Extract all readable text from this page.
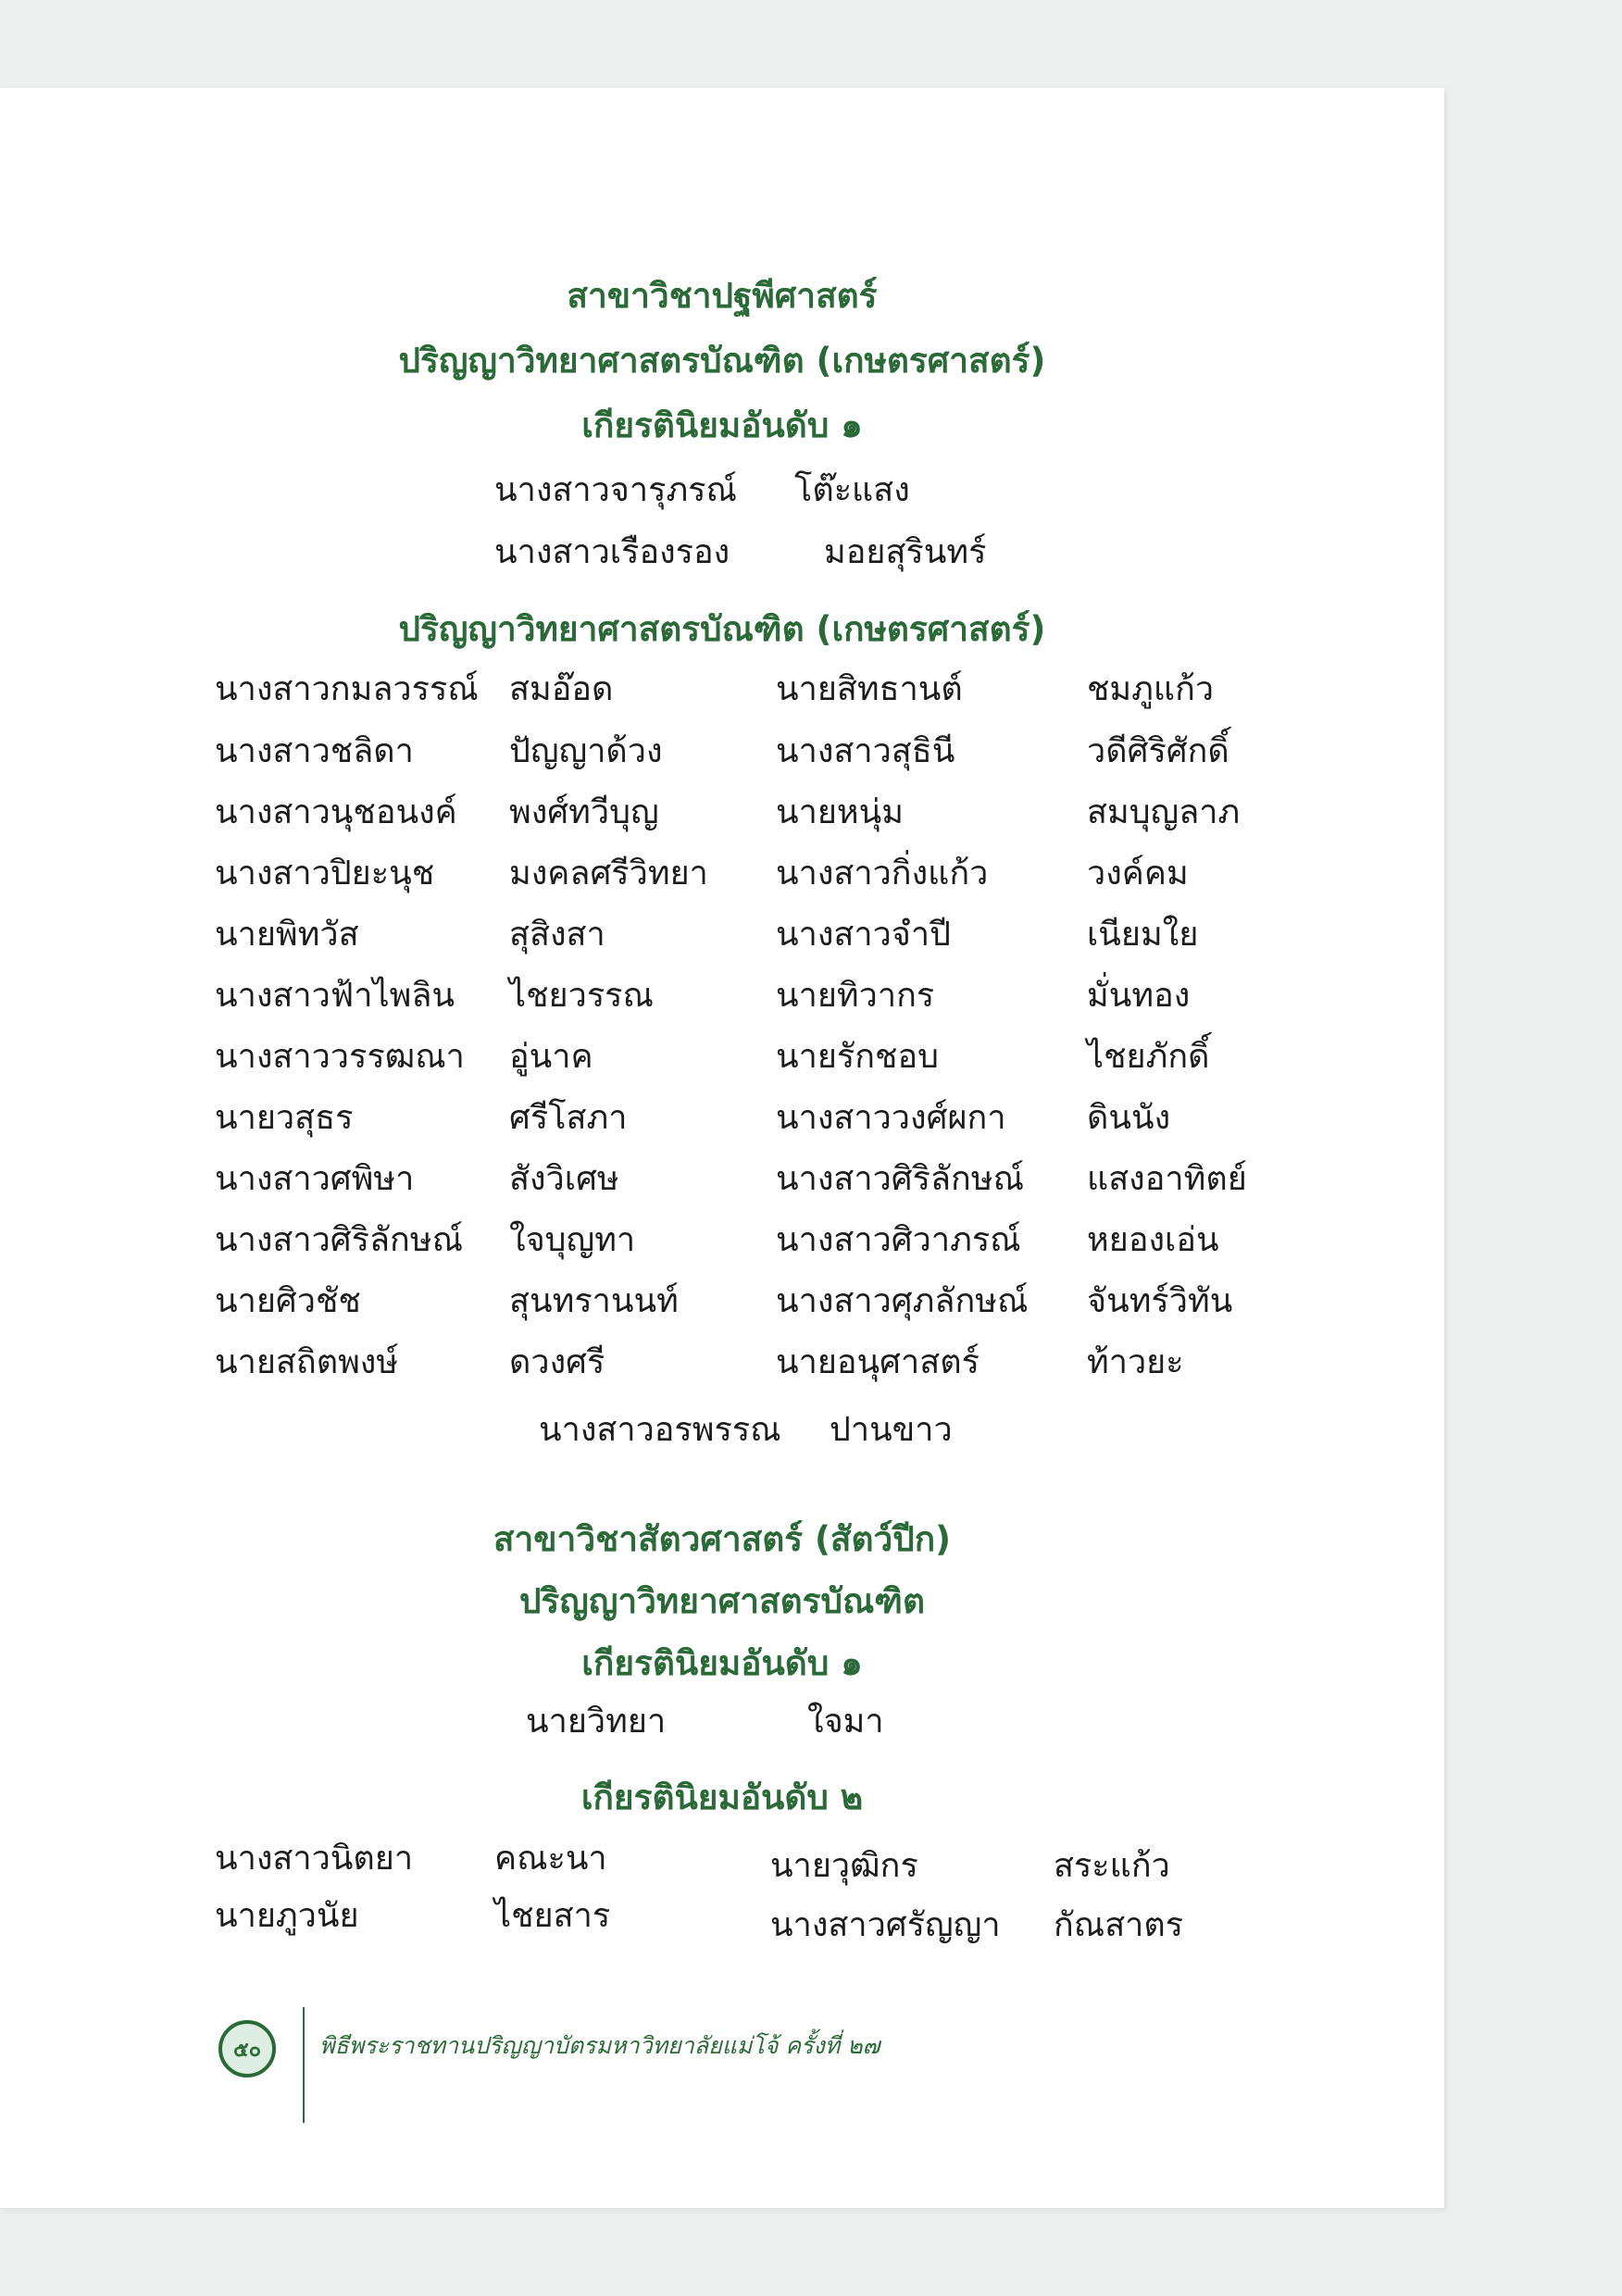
สาขาวิชาปฐพีศาสตร์
ปริญญาวิทยาศาสตรบัณฑิต (เกษตรศาสตร์)
เกียรตินิยมอันดับ ๑
นางสาวจารุภรณ์ โต๊ะแสง
นางสาวเรืองรอง	มอยสุรินทร์
ปริญญาวิทยาศาสตรบัณฑิต (เกษตรศาสตร์)
นางสาวกมลวรรณ์ สมอ๊อด	นายสิทธานต์	ชมภูแก้ว
นางสาวชลิดา	ปัญญาด้วง	นางสาวสุธินี	วดีศิริศักดิ์
นางสาวนุชอนงค์ พงศ์ทวีบุญ	นายหนุ่ม	สมบุญลาภ
นางสาวปิยะนุช มงคลศรีวิทยา นางสาวกิ่งแก้ว	วงค์คม
นายพิทวัส	สุสิงสา	นางสาวจำปี	เนียมใย
นางสาวฟ้าไพลิน ไชยวรรณ	นายทิวากร	มั่นทอง
นางสาววรรฒณา อู่นาค	นายรักชอบ	ไชยภักดิ์
นายวสุธร	ศรีโสภา	นางสาววงศ์ผกา ดินนัง
นางสาวศพิษา	สังวิเศษ	นางสาวศิริลักษณ์ แสงอาทิตย์
นางสาวศิริลักษณ์ ใจบุญทา	นางสาวศิวาภรณ์ หยองเอ่น
นายศิวชัช	สุนทรานนท์	นางสาวศุภลักษณ์ จันทร์วิทัน
นายสถิตพงษ์	ดวงศรี	นายอนุศาสตร์	ท้าวยะ
นางสาวอรพรรณ ปานขาว
สาขาวิชาสัตวศาสตร์ (สัตว์ปีก)
ปริญญาวิทยาศาสตรบัณฑิต
เกียรตินิยมอันดับ ๑
นายวิทยา	ใจมา
เกียรตินิยมอันดับ ๒
นางสาวนิตยา คณะนา	นายวุฒิกร	สระแก้ว
นายภูวนัย	ไชยสาร	นางสาวศรัญญา กัณสาตร
๕๐	พิธีพระราชทานปริญญาบัตรมหาวิทยาลัยแม่โจ้ ครั้งที่ ๒๗
